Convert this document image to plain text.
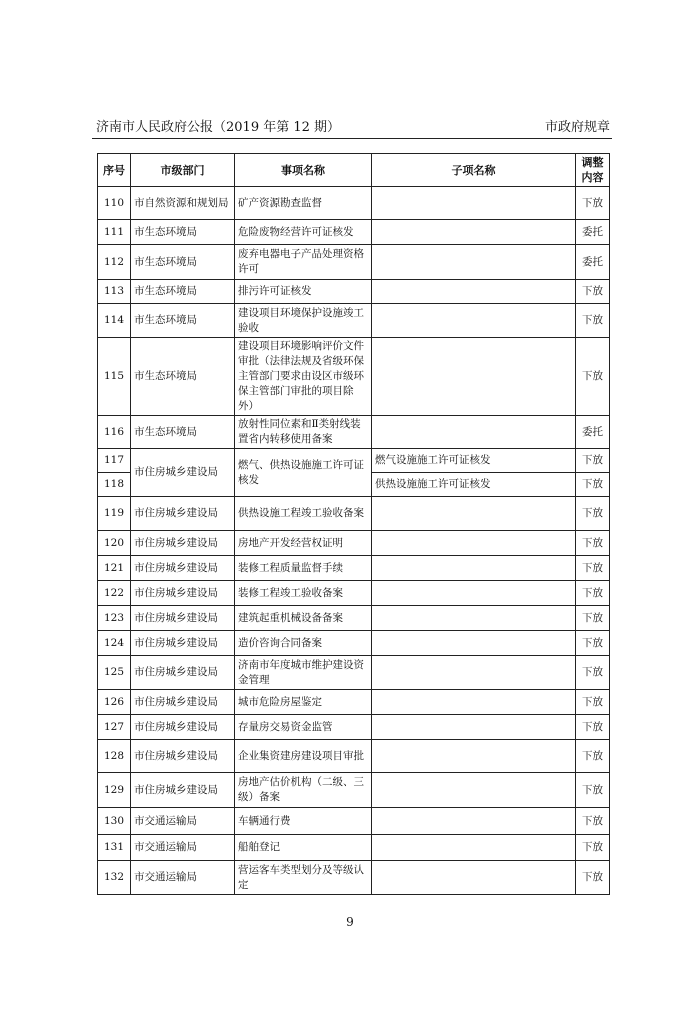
济南市人民政府公报（2019 年第 12 期）	市政府规章
序号	市级部门	事项名称	子项名称	调整内容
110	市自然资源和规划局	矿产资源勘查监督		下放
111	市生态环境局	危险废物经营许可证核发		委托
112	市生态环境局	废弃电器电子产品处理资格许可		委托
113	市生态环境局	排污许可证核发		下放
114	市生态环境局	建设项目环境保护设施竣工验收		下放
115	市生态环境局	建设项目环境影响评价文件审批（法律法规及省级环保主管部门要求由设区市级环保主管部门审批的项目除外）		下放
116	市生态环境局	放射性同位素和Ⅱ类射线装置省内转移使用备案		委托
117	市住房城乡建设局	燃气、供热设施施工许可证核发	燃气设施施工许可证核发	下放
118			供热设施施工许可证核发	下放
119	市住房城乡建设局	供热设施工程竣工验收备案		下放
120	市住房城乡建设局	房地产开发经营权证明		下放
121	市住房城乡建设局	装修工程质量监督手续		下放
122	市住房城乡建设局	装修工程竣工验收备案		下放
123	市住房城乡建设局	建筑起重机械设备备案		下放
124	市住房城乡建设局	造价咨询合同备案		下放
125	市住房城乡建设局	济南市年度城市维护建设资金管理		下放
126	市住房城乡建设局	城市危险房屋鉴定		下放
127	市住房城乡建设局	存量房交易资金监管		下放
128	市住房城乡建设局	企业集资建房建设项目审批		下放
129	市住房城乡建设局	房地产估价机构（二级、三级）备案		下放
130	市交通运输局	车辆通行费		下放
131	市交通运输局	船舶登记		下放
132	市交通运输局	营运客车类型划分及等级认定		下放
9
